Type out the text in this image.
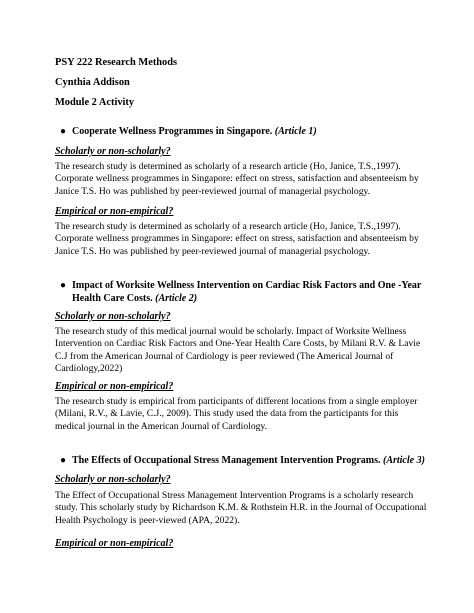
PSY 222 Research Methods
Cynthia Addison
Module 2 Activity
● Cooperate Wellness Programmes in Singapore. (Article 1)
Scholarly or non-scholarly?
The research study is determined as scholarly of a research article (Ho, Janice, T.S.,1997). Corporate wellness programmes in Singapore: effect on stress, satisfaction and absenteeism by Janice T.S. Ho was published by peer-reviewed journal of managerial psychology.
Empirical or non-empirical?
The research study is determined as scholarly of a research article (Ho, Janice, T.S.,1997). Corporate wellness programmes in Singapore: effect on stress, satisfaction and absenteeism by Janice T.S. Ho was published by peer-reviewed journal of managerial psychology.
● Impact of Worksite Wellness Intervention on Cardiac Risk Factors and One -Year Health Care Costs. (Article 2)
Scholarly or non-scholarly?
The research study of this medical journal would be scholarly. Impact of Worksite Wellness Intervention on Cardiac Risk Factors and One-Year Health Care Costs, by Milani R.V. & Lavie C.J from the American Journal of Cardiology is peer reviewed (The Americal Journal of Cardiology,2022)
Empirical or non-empirical?
The research study is empirical from participants of different locations from a single employer (Milani, R.V., & Lavie, C.J., 2009). This study used the data from the participants for this medical journal in the American Journal of Cardiology.
● The Effects of Occupational Stress Management Intervention Programs. (Article 3)
Scholarly or non-scholarly?
The Effect of Occupational Stress Management Intervention Programs is a scholarly research study. This scholarly study by Richardson K.M. & Rothstein H.R. in the Journal of Occupational Health Psychology is peer-viewed (APA, 2022).
Empirical or non-empirical?
